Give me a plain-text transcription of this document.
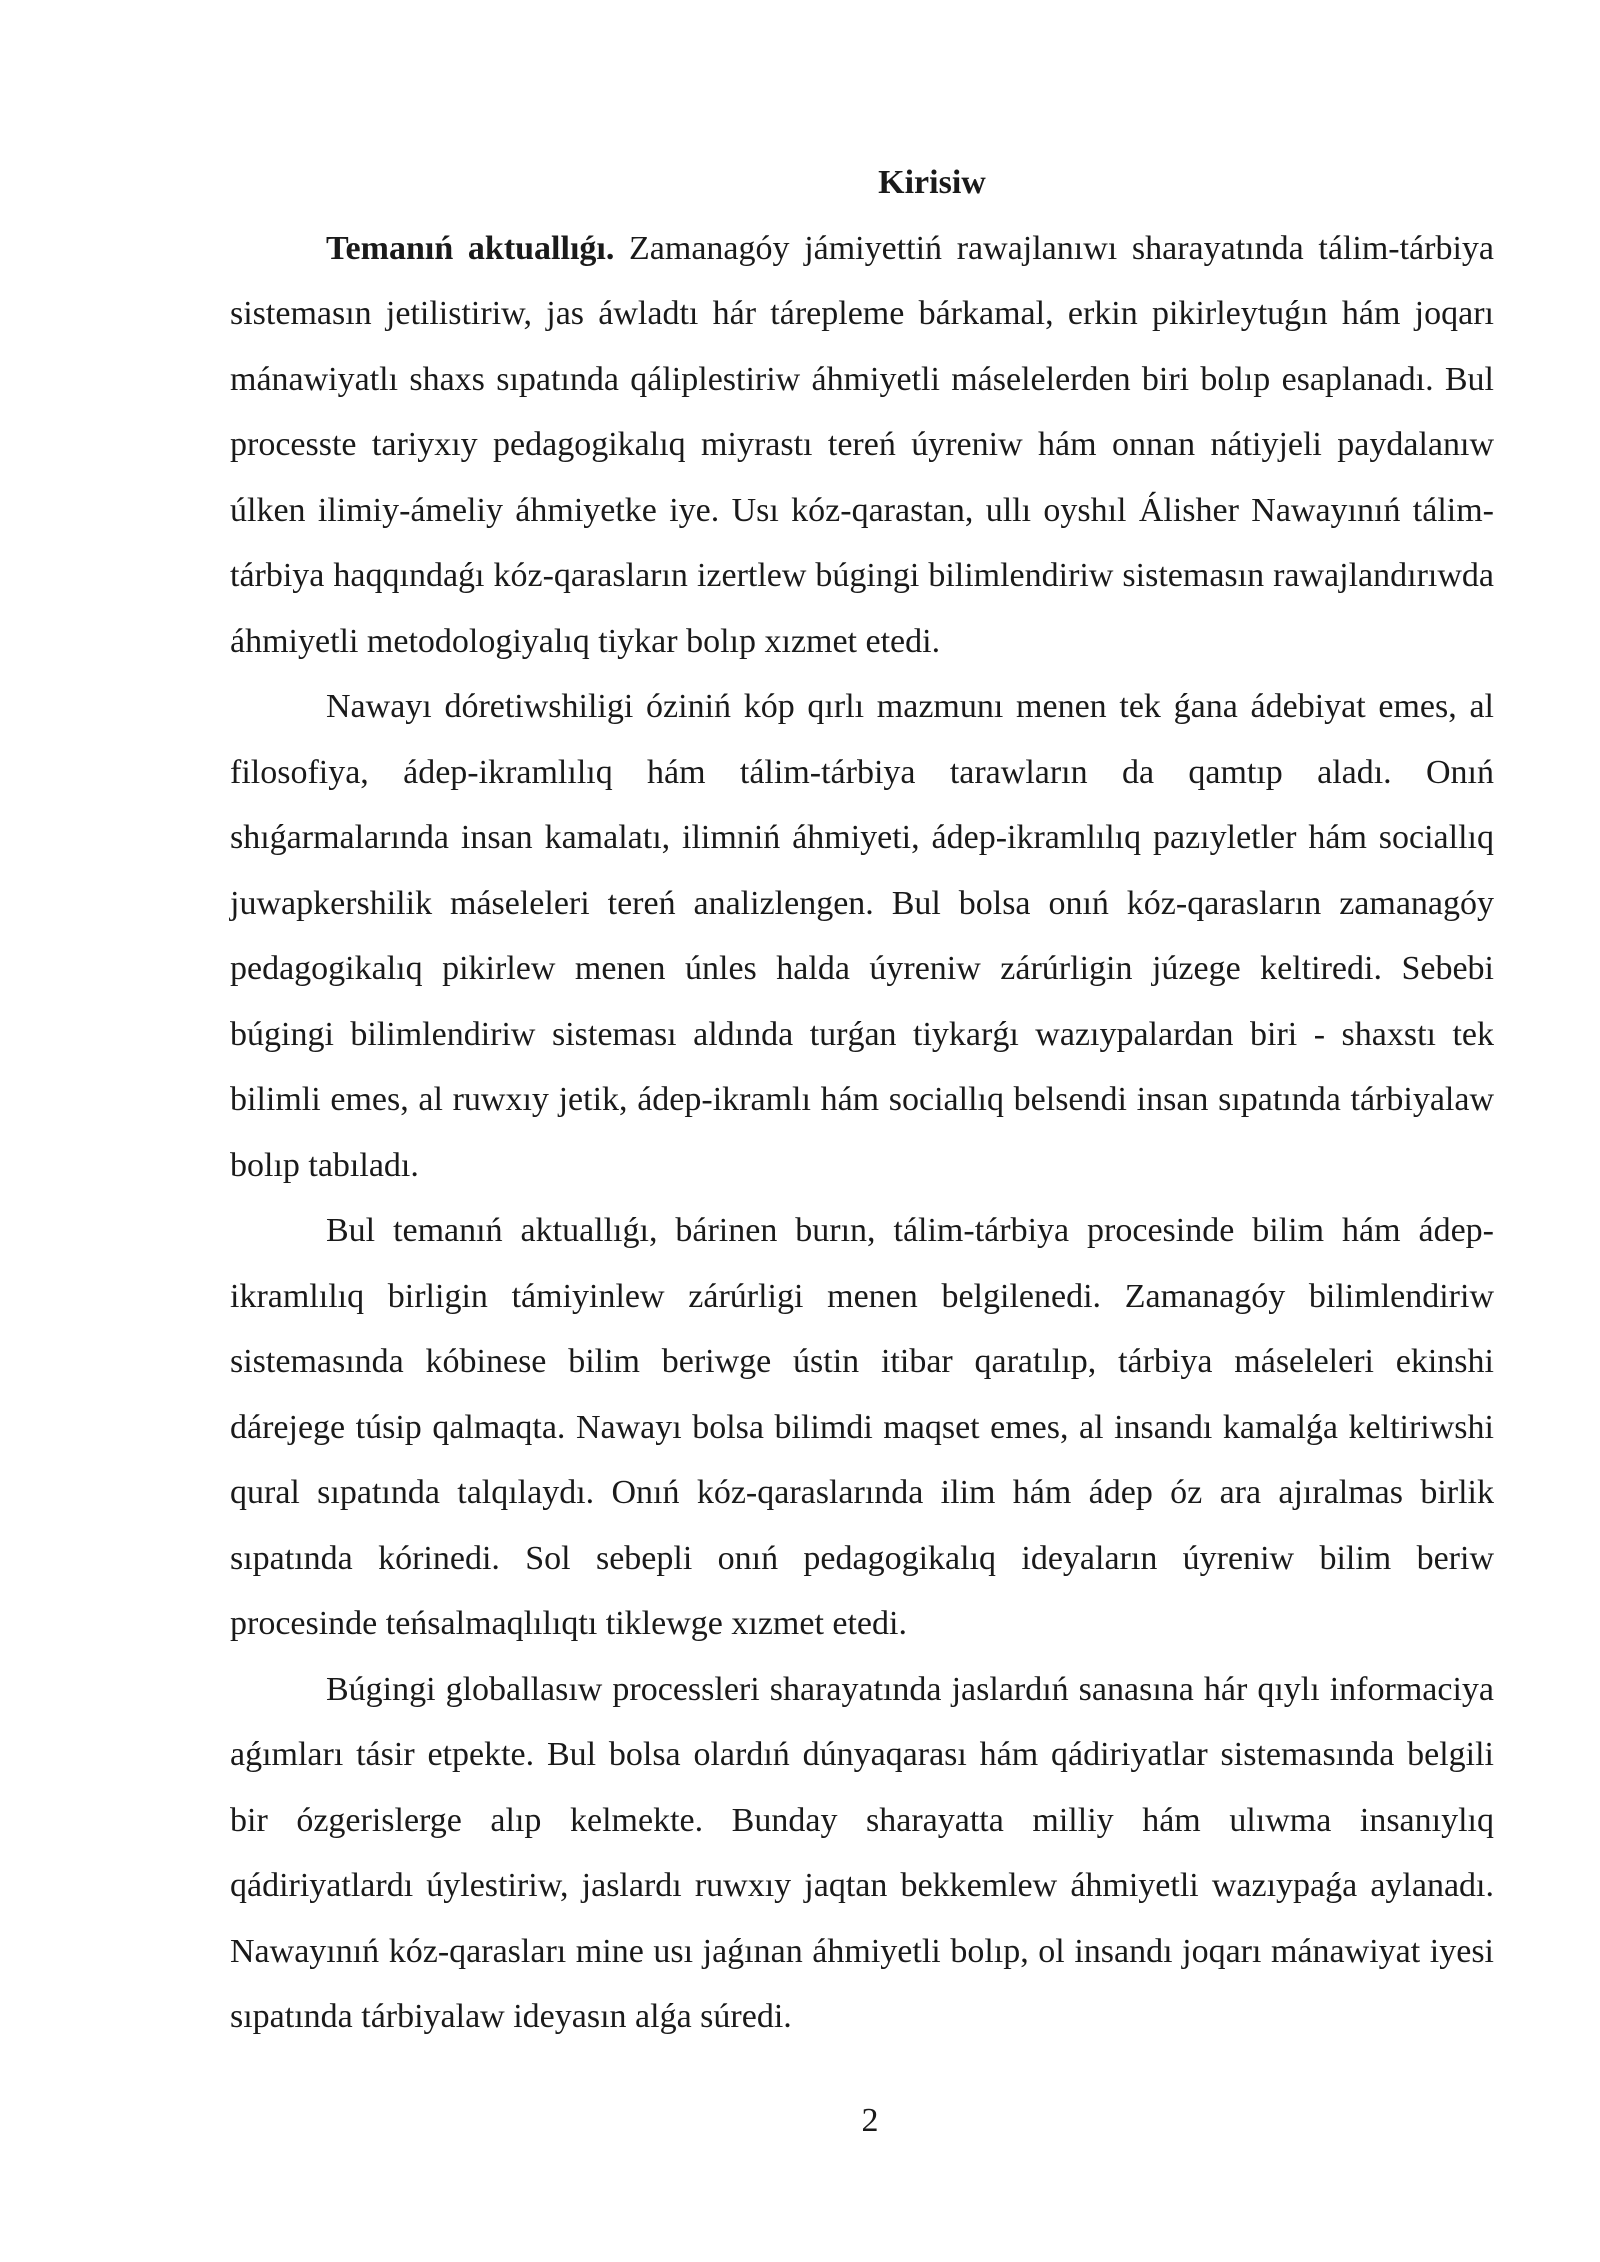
Kirisiw

Temanıń aktuallıǵı. Zamanagóy jámiyettiń rawajlanıwı sharayatında tálim-tárbiya sistemasın jetilistiriw, jas áwladtı hár tárepleme bárkamal, erkin pikirleytuǵın hám joqarı mánawiyatlı shaxs sıpatında qáliplestiriw áhmiyetli máselelerden biri bolıp esaplanadı. Bul processte tariyxıy pedagogikalıq miyrastı tereń úyreniw hám onnan nátiyjeli paydalanıw úlken ilimiy-ámeliy áhmiyetke iye. Usı kóz-qarastan, ullı oyshıl Álisher Nawayınıń tálim-tárbiya haqqındaǵı kóz-qarasların izertlew búgingi bilimlendiriw sistemasın rawajlandırıwda áhmiyetli metodologiyalıq tiykar bolıp xızmet etedi.

Nawayı dóretiwshiligi óziniń kóp qırlı mazmunı menen tek ǵana ádebiyat emes, al filosofiya, ádep-ikramlılıq hám tálim-tárbiya tarawların da qamtıp aladı. Onıń shıǵarmalarında insan kamalatı, ilimniń áhmiyeti, ádep-ikramlılıq pazıyletler hám sociallıq juwapkershilik máseleleri tereń analizlengen. Bul bolsa onıń kóz-qarasların zamanagóy pedagogikalıq pikirlew menen únles halda úyreniw zárúrligin júzege keltiredi. Sebebi búgingi bilimlendiriw sisteması aldında turǵan tiykarǵı wazıypalardan biri - shaxstı tek bilimli emes, al ruwxıy jetik, ádep-ikramlı hám sociallıq belsendi insan sıpatında tárbiyalaw bolıp tabıladı.

Bul temanıń aktuallıǵı, bárinen burın, tálim-tárbiya procesinde bilim hám ádep-ikramlılıq birligin támiyinlew zárúrligi menen belgilenedi. Zamanagóy bilimlendiriw sistemasında kóbinese bilim beriwge ústin itibar qaratılıp, tárbiya máseleleri ekinshi dárejege túsip qalmaqta. Nawayı bolsa bilimdi maqset emes, al insandı kamalǵa keltiriwshi qural sıpatında talqılaydı. Onıń kóz-qaraslarında ilim hám ádep óz ara ajıralmas birlik sıpatında kórinedi. Sol sebepli onıń pedagogikalıq ideyaların úyreniw bilim beriw procesinde teńsalmaqlılıqtı tiklewge xızmet etedi.

Búgingi globallasıw processleri sharayatında jaslardıń sanasına hár qıylı informaciya aǵımları tásir etpekte. Bul bolsa olardıń dúnyaqarası hám qádiriyatlar sistemasında belgili bir ózgerislerge alıp kelmekte. Bunday sharayatta milliy hám ulıwma insanıylıq qádiriyatlardı úylestiriw, jaslardı ruwxıy jaqtan bekkemlew áhmiyetli wazıypaǵa aylanadı. Nawayınıń kóz-qarasları mine usı jaǵınan áhmiyetli bolıp, ol insandı joqarı mánawiyat iyesi sıpatında tárbiyalaw ideyasın alǵa súredi.

2
